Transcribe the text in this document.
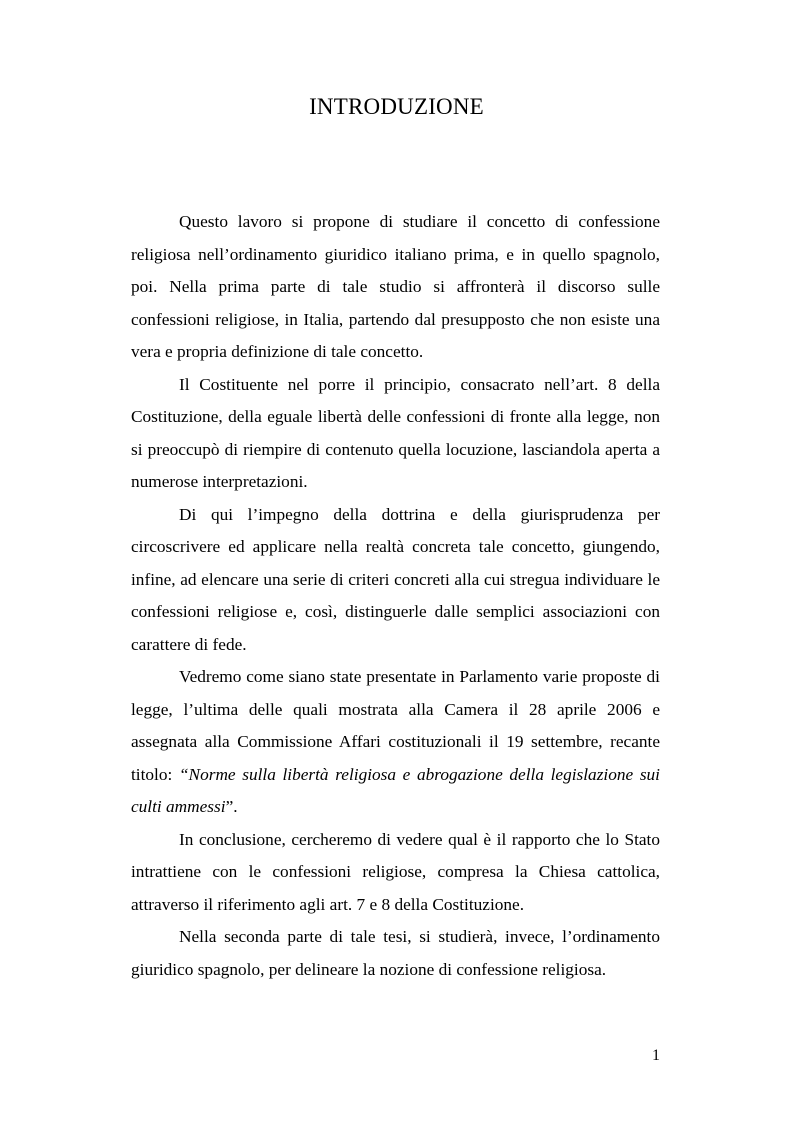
INTRODUZIONE

Questo lavoro si propone di studiare il concetto di confessione religiosa nell’ordinamento giuridico italiano prima, e in quello spagnolo, poi. Nella prima parte di tale studio si affronterà il discorso sulle confessioni religiose, in Italia, partendo dal presupposto che non esiste una vera e propria definizione di tale concetto.

Il Costituente nel porre il principio, consacrato nell’art. 8 della Costituzione, della eguale libertà delle confessioni di fronte alla legge, non si preoccupò di riempire di contenuto quella locuzione, lasciandola aperta a numerose interpretazioni.

Di qui l’impegno della dottrina e della giurisprudenza per circoscrivere ed applicare nella realtà concreta tale concetto, giungendo, infine, ad elencare una serie di criteri concreti alla cui stregua individuare le confessioni religiose e, così, distinguerle dalle semplici associazioni con carattere di fede.

Vedremo come siano state presentate in Parlamento varie proposte di legge, l’ultima delle quali mostrata alla Camera il 28 aprile 2006 e assegnata alla Commissione Affari costituzionali il 19 settembre, recante titolo: “Norme sulla libertà religiosa e abrogazione della legislazione sui culti ammessi”.

In conclusione, cercheremo di vedere qual è il rapporto che lo Stato intrattiene con le confessioni religiose, compresa la Chiesa cattolica, attraverso il riferimento agli art. 7 e 8 della Costituzione.

Nella seconda parte di tale tesi, si studierà, invece, l’ordinamento giuridico spagnolo, per delineare la nozione di confessione religiosa.

1
